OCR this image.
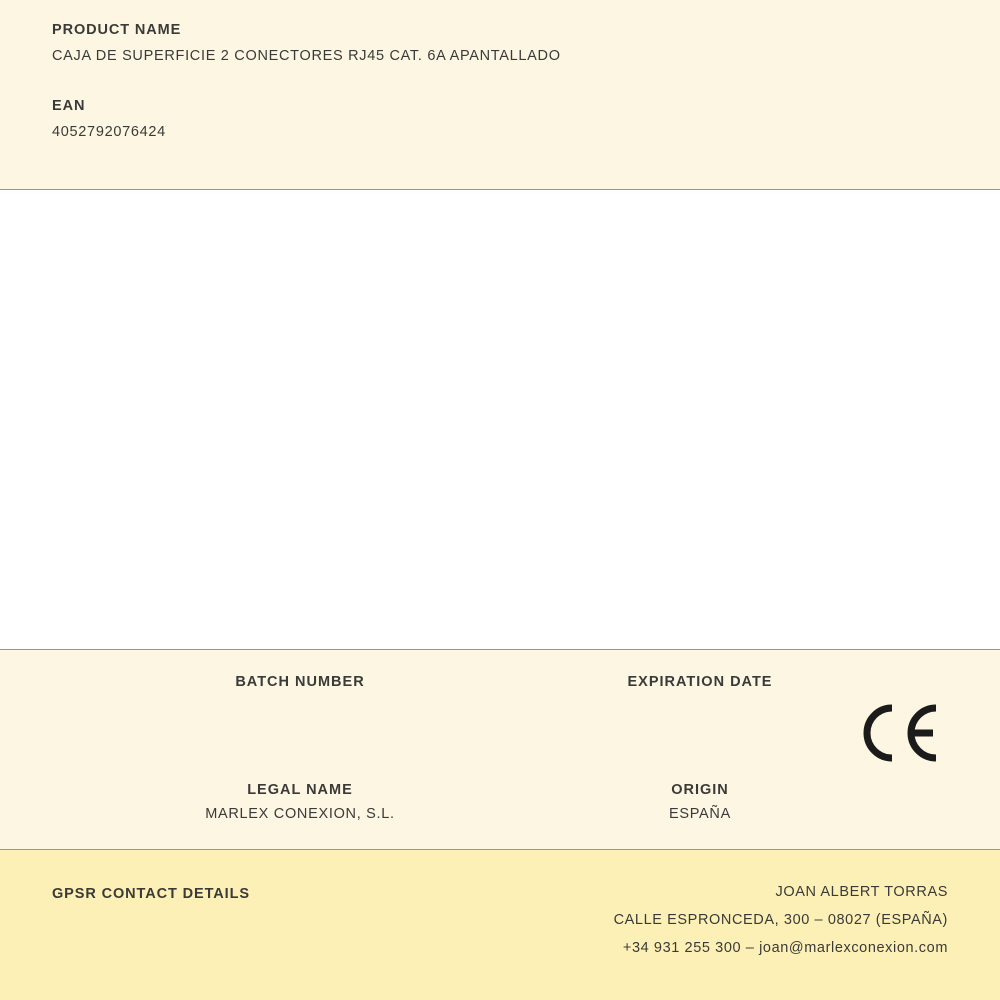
PRODUCT NAME

CAJA DE SUPERFICIE 2 CONECTORES RJ45 CAT. 6A APANTALLADO

EAN

4052792076424

BATCH NUMBER	EXPIRATION DATE

LEGAL NAME

MARLEX CONEXION, S.L.

ORIGIN

ESPAÑA

GPSR CONTACT DETAILS	JOAN ALBERT TORRAS

CALLE ESPRONCEDA, 300 – 08027 (ESPAÑA)

+34 931 255 300 – joan@marlexconexion.com
